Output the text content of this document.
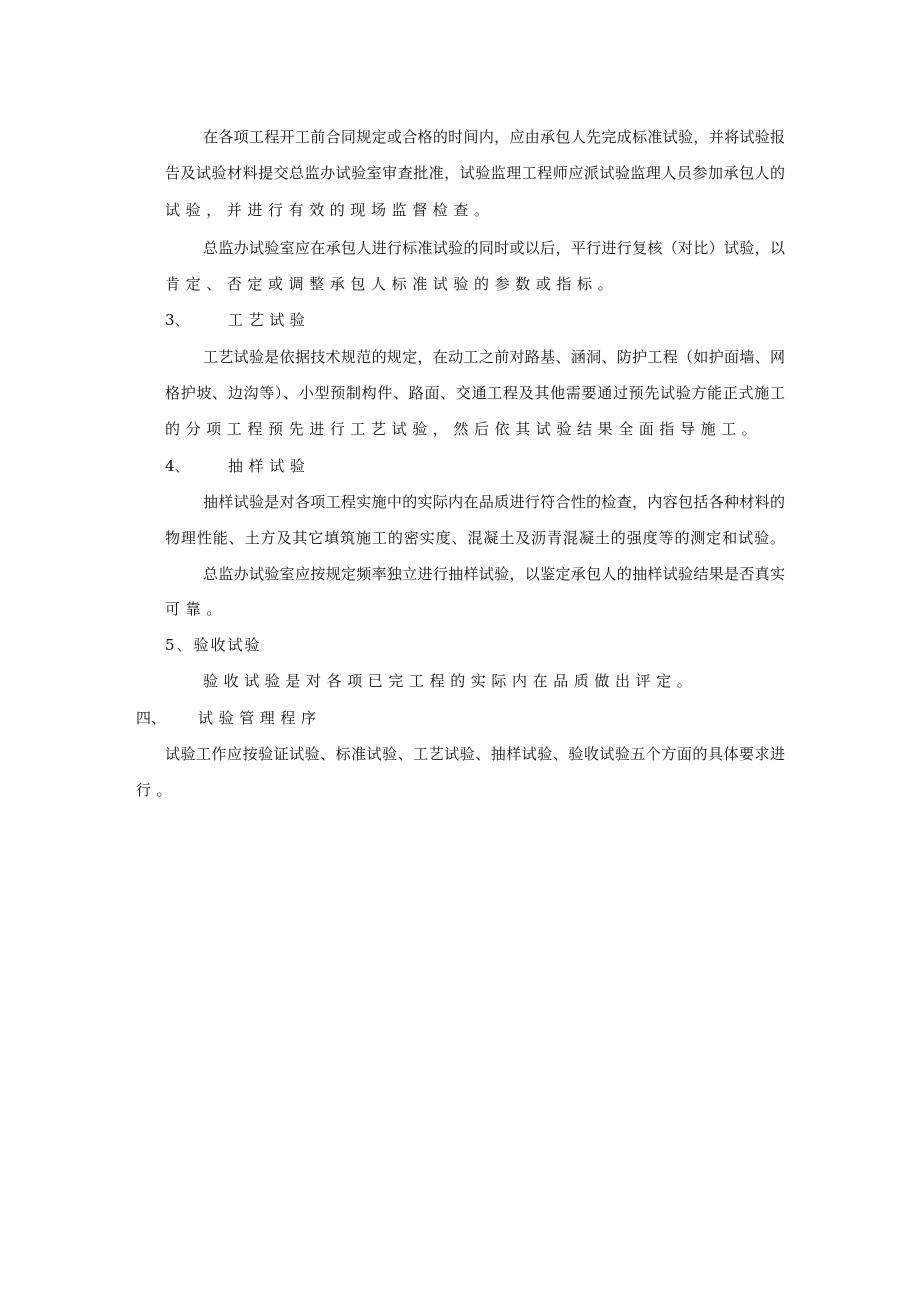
在各项工程开工前合同规定或合格的时间内，应由承包人先完成标准试验，并将试验报
告及试验材料提交总监办试验室审查批准，试验监理工程师应派试验监理人员参加承包人的
试验，并进行有效的现场监督检查。
总监办试验室应在承包人进行标准试验的同时或以后，平行进行复核（对比）试验，以
肯定、否定或调整承包人标准试验的参数或指标。
3、	工艺试验
工艺试验是依据技术规范的规定，在动工之前对路基、涵洞、防护工程（如护面墙、网
格护坡、边沟等）、小型预制构件、路面、交通工程及其他需要通过预先试验方能正式施工
的分项工程预先进行工艺试验，然后依其试验结果全面指导施工。
4、	抽样试验
抽样试验是对各项工程实施中的实际内在品质进行符合性的检查，内容包括各种材料的
物理性能、土方及其它填筑施工的密实度、混凝土及沥青混凝土的强度等的测定和试验。
总监办试验室应按规定频率独立进行抽样试验，以鉴定承包人的抽样试验结果是否真实
可靠。
5、验收试验
验收试验是对各项已完工程的实际内在品质做出评定。
四、 试验管理程序
试验工作应按验证试验、标准试验、工艺试验、抽样试验、验收试验五个方面的具体要求进
行。
